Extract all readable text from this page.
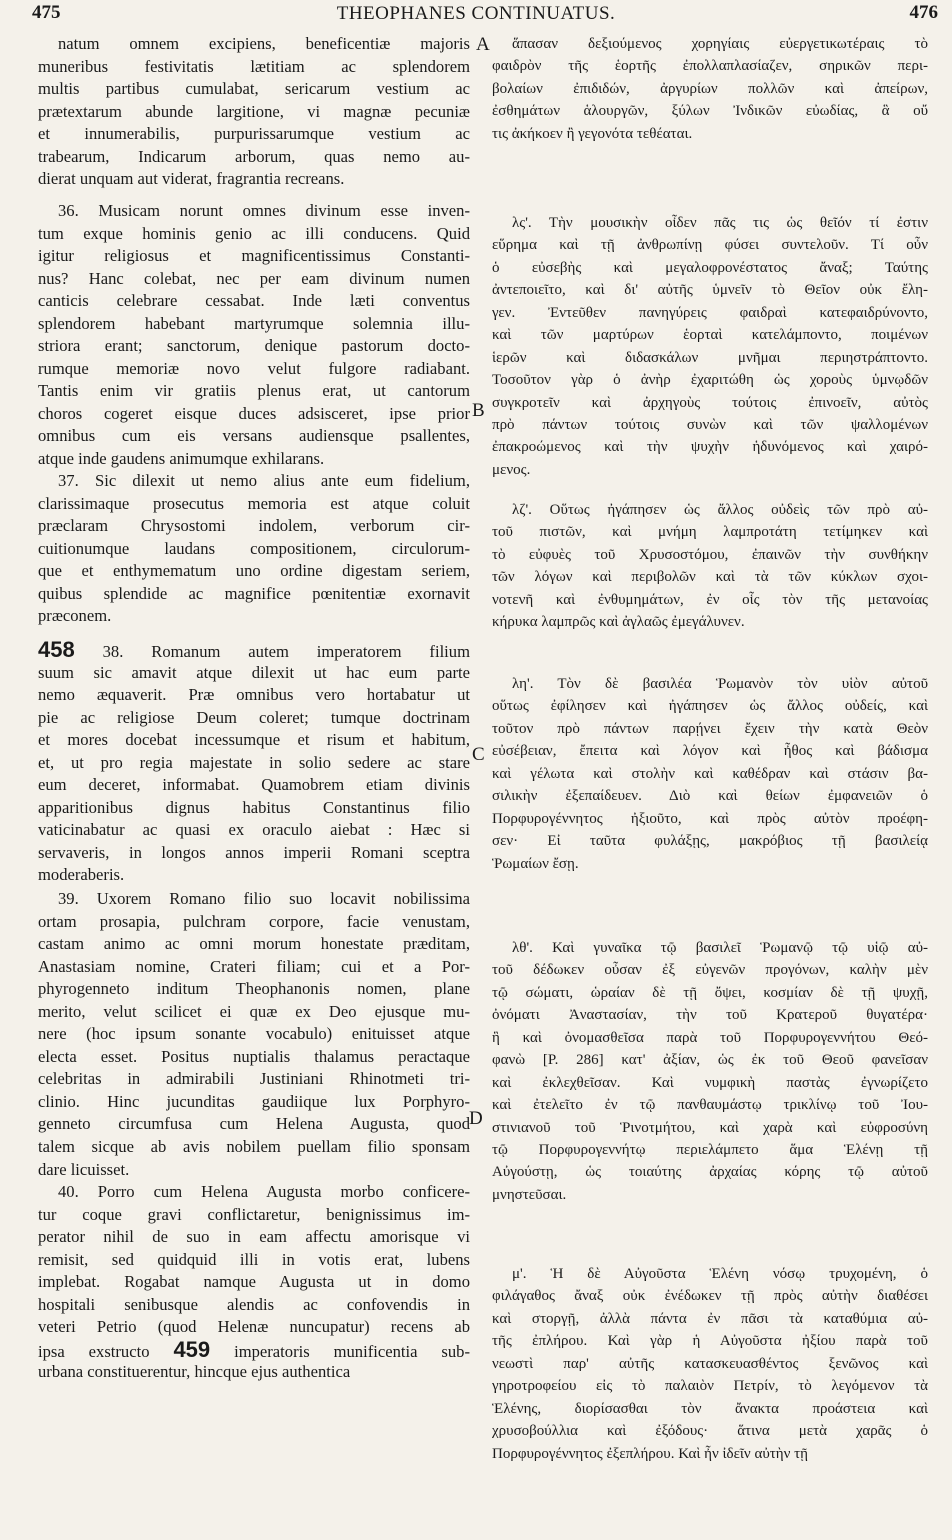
475	THEOPHANES CONTINUATUS.	476
A
B
C
D
natum omnem excipiens, beneficentiæ majoris
muneribus festivitatis lætitiam ac splendorem
multis partibus cumulabat, sericarum vestium ac
prætextarum abunde largitione, vi magnæ pecuniæ
et innumerabilis, purpurissarumque vestium ac
trabearum, Indicarum arborum, quas nemo au-
dierat unquam aut viderat, fragrantia recreans.
36. Musicam norunt omnes divinum esse inven-
tum exque hominis genio ac illi conducens. Quid
igitur religiosus et magnificentissimus Constanti-
nus? Hanc colebat, nec per eam divinum numen
canticis celebrare cessabat. Inde læti conventus
splendorem habebant martyrumque solemnia illu-
striora erant; sanctorum, denique pastorum docto-
rumque memoriæ novo velut fulgore radiabant.
Tantis enim vir gratiis plenus erat, ut cantorum
choros cogeret eisque duces adsisceret, ipse prior
omnibus cum eis versans audiensque psallentes,
atque inde gaudens animumque exhilarans.
37. Sic dilexit ut nemo alius ante eum fidelium,
clarissimaque prosecutus memoria est atque coluit
præclaram Chrysostomi indolem, verborum cir-
cuitionumque laudans compositionem, circulorum-
que et enthymematum uno ordine digestam seriem,
quibus splendide ac magnifice pœnitentiæ exornavit
præconem.
458 38. Romanum autem imperatorem filium
suum sic amavit atque dilexit ut hac eum parte
nemo æquaverit. Præ omnibus vero hortabatur ut
pie ac religiose Deum coleret; tumque doctrinam
et mores docebat incessumque et risum et habitum,
et, ut pro regia majestate in solio sedere ac stare
eum deceret, informabat. Quamobrem etiam divinis
apparitionibus dignus habitus Constantinus filio
vaticinabatur ac quasi ex oraculo aiebat : Hæc si
servaveris, in longos annos imperii Romani sceptra
moderaberis.
39. Uxorem Romano filio suo locavit nobilissima
ortam prosapia, pulchram corpore, facie venustam,
castam animo ac omni morum honestate præditam,
Anastasiam nomine, Crateri filiam; cui et a Por-
phyrogenneto inditum Theophanonis nomen, plane
merito, velut scilicet ei quæ ex Deo ejusque mu-
nere (hoc ipsum sonante vocabulo) enituisset atque
electa esset. Positus nuptialis thalamus peractaque
celebritas in admirabili Justiniani Rhinotmeti tri-
clinio. Hinc jucunditas gaudiique lux Porphyro-
genneto circumfusa cum Helena Augusta, quod
talem sicque ab avis nobilem puellam filio sponsam
dare licuisset.
40. Porro cum Helena Augusta morbo conficere-
tur coque gravi conflictaretur, benignissimus im-
perator nihil de suo in eam affectu amorisque vi
remisit, sed quidquid illi in votis erat, lubens
implebat. Rogabat namque Augusta ut in domo
hospitali senibusque alendis ac confovendis in
veteri Petrio (quod Helenæ nuncupatur) recens ab
ipsa exstructo 459 imperatoris munificentia sub-
urbana constituerentur, hincque ejus authentica
ἅπασαν δεξιούμενος χορηγίαις εὐεργετικωτέραις τὸ
φαιδρὸν τῆς ἑορτῆς ἐπολλαπλασίαζεν, σηρικῶν περι-
βολαίων ἐπιδιδών, ἀργυρίων πολλῶν καὶ ἀπείρων,
ἐσθημάτων ἁλουργῶν, ξύλων Ἰνδικῶν εὐωδίας, ἃ οὔ
τις ἀκήκοεν ἢ γεγονότα τεθέαται.
λς'. Τὴν μουσικὴν οἶδεν πᾶς τις ὡς θεῖόν τί ἐστιν
εὕρημα καὶ τῇ ἀνθρωπίνῃ φύσει συντελοῦν. Τί οὖν
ὁ εὐσεβὴς καὶ μεγαλοφρονέστατος ἄναξ; Ταύτης
ἀντεποιεῖτο, καὶ δι' αὐτῆς ὑμνεῖν τὸ Θεῖον οὐκ ἔλη-
γεν. Ἐντεῦθεν πανηγύρεις φαιδραὶ κατεφαιδρύνοντο,
καὶ τῶν μαρτύρων ἑορταὶ κατελάμποντο, ποιμένων
ἱερῶν καὶ διδασκάλων μνῆμαι περιηστράπτοντο.
Τοσοῦτον γὰρ ὁ ἀνὴρ ἐχαριτώθη ὡς χοροὺς ὑμνῳδῶν
συγκροτεῖν καὶ ἀρχηγοὺς τούτοις ἐπινοεῖν, αὐτὸς
πρὸ πάντων τούτοις συνὼν καὶ τῶν ψαλλομένων
ἐπακροώμενος καὶ τὴν ψυχὴν ἡδυνόμενος καὶ χαιρό-
μενος.
λζ'. Οὕτως ἠγάπησεν ὡς ἄλλος οὐδεὶς τῶν πρὸ αὐ-
τοῦ πιστῶν, καὶ μνήμη λαμπροτάτη τετίμηκεν καὶ
τὸ εὐφυὲς τοῦ Χρυσοστόμου, ἐπαινῶν τὴν συνθήκην
τῶν λόγων καὶ περιβολῶν καὶ τὰ τῶν κύκλων σχοι-
νοτενῆ καὶ ἐνθυμημάτων, ἐν οἷς τὸν τῆς μετανοίας
κήρυκα λαμπρῶς καὶ ἀγλαῶς ἐμεγάλυνεν.
λη'. Τὸν δὲ βασιλέα Ῥωμανὸν τὸν υἱὸν αὐτοῦ
οὕτως ἐφίλησεν καὶ ἠγάπησεν ὡς ἄλλος οὐδείς, καὶ
τοῦτον πρὸ πάντων παρῄνει ἔχειν τὴν κατὰ Θεὸν
εὐσέβειαν, ἔπειτα καὶ λόγον καὶ ἦθος καὶ βάδισμα
καὶ γέλωτα καὶ στολὴν καὶ καθέδραν καὶ στάσιν βα-
σιλικὴν ἐξεπαίδευεν. Διὸ καὶ θείων ἐμφανειῶν ὁ
Πορφυρογέννητος ἠξιοῦτο, καὶ πρὸς αὐτὸν προέφη-
σεν· Εἰ ταῦτα φυλάξῃς, μακρόβιος τῇ βασιλείᾳ
Ῥωμαίων ἔσῃ.
λθ'. Καὶ γυναῖκα τῷ βασιλεῖ Ῥωμανῷ τῷ υἱῷ αὐ-
τοῦ δέδωκεν οὖσαν ἐξ εὐγενῶν προγόνων, καλὴν μὲν
τῷ σώματι, ὡραίαν δὲ τῇ ὄψει, κοσμίαν δὲ τῇ ψυχῇ,
ὀνόματι Ἀναστασίαν, τὴν τοῦ Κρατεροῦ θυγατέρα·
ἣ καὶ ὀνομασθεῖσα παρὰ τοῦ Πορφυρογεννήτου Θεό-
φανὼ [P. 286] κατ' ἀξίαν, ὡς ἐκ τοῦ Θεοῦ φανεῖσαν
καὶ ἐκλεχθεῖσαν. Καὶ νυμφικὴ παστὰς ἐγνωρίζετο
καὶ ἐτελεῖτο ἐν τῷ πανθαυμάστῳ τρικλίνῳ τοῦ Ἰου-
στινιανοῦ τοῦ Ῥινοτμήτου, καὶ χαρὰ καὶ εὐφροσύνη
τῷ Πορφυρογεννήτῳ περιελάμπετο ἅμα Ἑλένῃ τῇ
Αὐγούστῃ, ὡς τοιαύτης ἀρχαίας κόρης τῷ αὐτοῦ
μνηστεῦσαι.
μ'. Ἡ δὲ Αὐγοῦστα Ἑλένη νόσῳ τρυχομένη, ὁ
φιλάγαθος ἄναξ οὐκ ἐνέδωκεν τῇ πρὸς αὐτὴν διαθέσει
καὶ στοργῇ, ἀλλὰ πάντα ἐν πᾶσι τὰ καταθύμια αὐ-
τῆς ἐπλήρου. Καὶ γὰρ ἡ Αὐγοῦστα ἠξίου παρὰ τοῦ
νεωστὶ παρ' αὐτῆς κατασκευασθέντος ξενῶνος καὶ
γηροτροφείου εἰς τὸ παλαιὸν Πετρίν, τὸ λεγόμενον τὰ
Ἑλένης, διορίσασθαι τὸν ἄνακτα προάστεια καὶ
χρυσοβούλλια καὶ ἐξόδους· ἅτινα μετὰ χαρᾶς ὁ
Πορφυρογέννητος ἐξεπλήρου. Καὶ ἦν ἰδεῖν αὐτὴν τῇ
